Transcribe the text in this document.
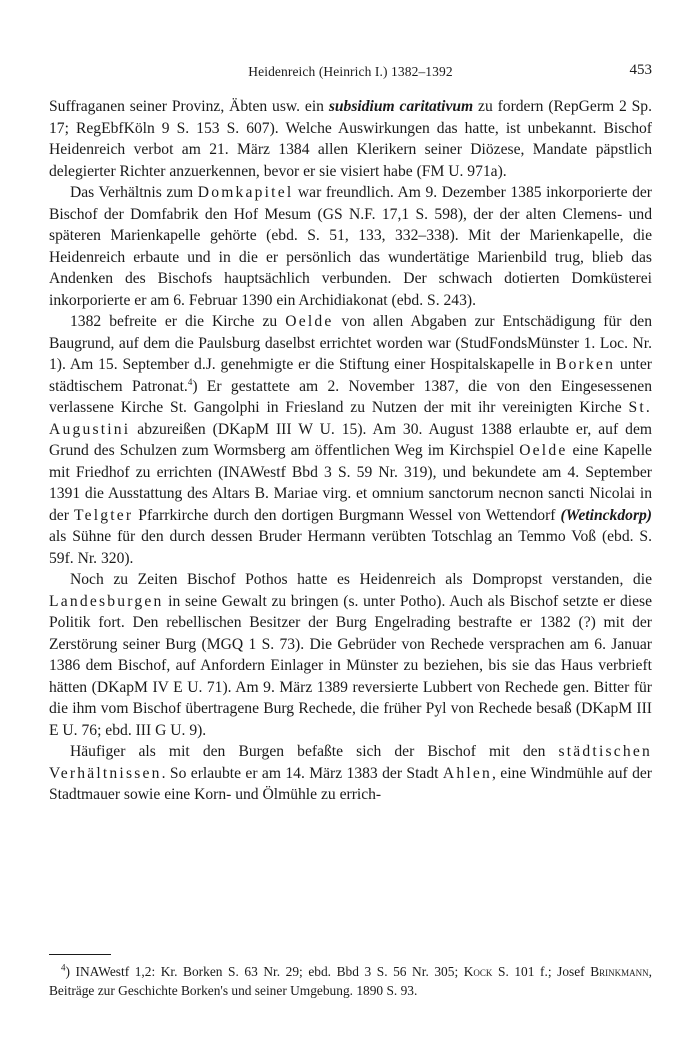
Heidenreich (Heinrich I.) 1382–1392	453

Suffraganen seiner Provinz, Äbten usw. ein subsidium caritativum zu fordern (RepGerm 2 Sp. 17; RegEbfKöln 9 S. 153 S. 607). Welche Auswirkungen das hatte, ist unbekannt. Bischof Heidenreich verbot am 21. März 1384 allen Klerikern seiner Diözese, Mandate päpstlich delegierter Richter anzuerkennen, bevor er sie visiert habe (FM U. 971a).

Das Verhältnis zum Domkapitel war freundlich. Am 9. Dezember 1385 inkorporierte der Bischof der Domfabrik den Hof Mesum (GS N.F. 17,1 S. 598), der der alten Clemens- und späteren Marienkapelle gehörte (ebd. S. 51, 133, 332–338). Mit der Marienkapelle, die Heidenreich erbaute und in die er persönlich das wundertätige Marienbild trug, blieb das Andenken des Bischofs hauptsächlich verbunden. Der schwach dotierten Domküsterei inkorporierte er am 6. Februar 1390 ein Archidiakonat (ebd. S. 243).

1382 befreite er die Kirche zu Oelde von allen Abgaben zur Entschädigung für den Baugrund, auf dem die Paulsburg daselbst errichtet worden war (StudFondsMünster 1. Loc. Nr. 1). Am 15. September d.J. genehmigte er die Stiftung einer Hospitalskapelle in Borken unter städtischem Patronat.$^4$) Er gestattete am 2. November 1387, die von den Eingesessenen verlassene Kirche St. Gangolphi in Friesland zu Nutzen der mit ihr vereinigten Kirche St. Augustini abzureißen (DKapM III W U. 15). Am 30. August 1388 erlaubte er, auf dem Grund des Schulzen zum Wormsberg am öffentlichen Weg im Kirchspiel Oelde eine Kapelle mit Friedhof zu errichten (INAWestf Bbd 3 S. 59 Nr. 319), und bekundete am 4. September 1391 die Ausstattung des Altars B. Mariae virg. et omnium sanctorum necnon sancti Nicolai in der Telgter Pfarrkirche durch den dortigen Burgmann Wessel von Wettendorf (Wetinckdorp) als Sühne für den durch dessen Bruder Hermann verübten Totschlag an Temmo Voß (ebd. S. 59f. Nr. 320).

Noch zu Zeiten Bischof Pothos hatte es Heidenreich als Dompropst verstanden, die Landesburgen in seine Gewalt zu bringen (s. unter Potho). Auch als Bischof setzte er diese Politik fort. Den rebellischen Besitzer der Burg Engelrading bestrafte er 1382 (?) mit der Zerstörung seiner Burg (MGQ 1 S. 73). Die Gebrüder von Rechede versprachen am 6. Januar 1386 dem Bischof, auf Anfordern Einlager in Münster zu beziehen, bis sie das Haus verbrieft hätten (DKapM IV E U. 71). Am 9. März 1389 reversierte Lubbert von Rechede gen. Bitter für die ihm vom Bischof übertragene Burg Rechede, die früher Pyl von Rechede besaß (DKapM III E U. 76; ebd. III G U. 9).

Häufiger als mit den Burgen befaßte sich der Bischof mit den städtischen Verhältnissen. So erlaubte er am 14. März 1383 der Stadt Ahlen, eine Windmühle auf der Stadtmauer sowie eine Korn- und Ölmühle zu errich-

$^4$) INAWestf 1,2: Kr. Borken S. 63 Nr. 29; ebd. Bbd 3 S. 56 Nr. 305; Kock S. 101 f.; Josef Brinkmann, Beiträge zur Geschichte Borken's und seiner Umgebung. 1890 S. 93.
